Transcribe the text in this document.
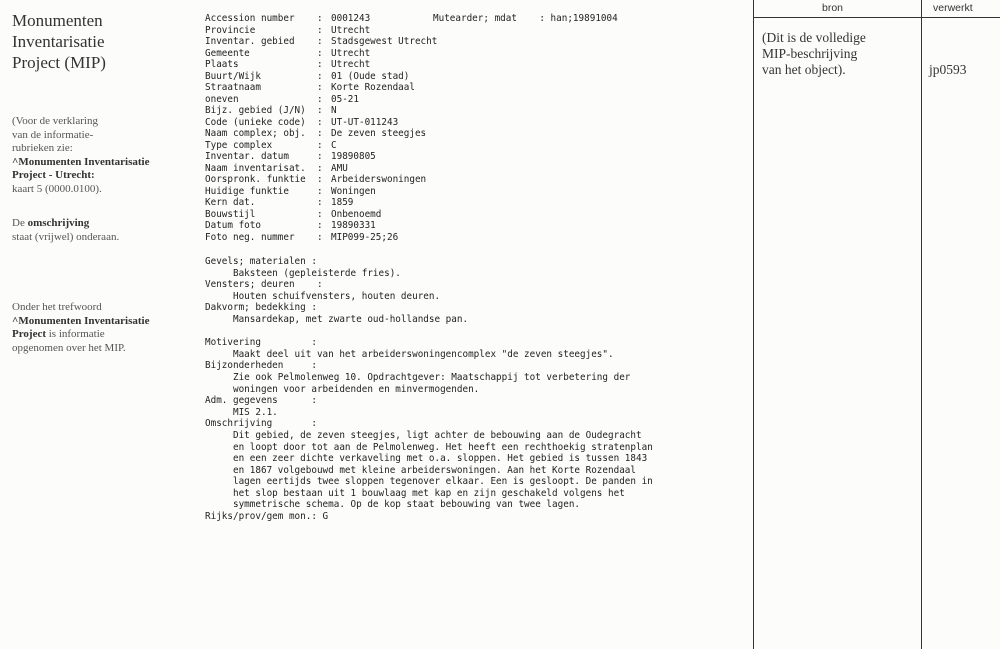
Monumenten
Inventarisatie
Project (MIP)
(Voor de verklaring
van de informatie-
rubrieken zie:
^Monumenten Inventarisatie
Project - Utrecht:
kaart 5 (0000.0100).
De omschrijving
staat (vrijwel) onderaan.
Onder het trefwoord
^Monumenten Inventarisatie
Project is informatie
opgenomen over het MIP.
Mutearder; mdat    : han;19891004
Accession number	: 0001243
Provincie	: Utrecht
Inventar. gebied	: Stadsgewest Utrecht
Gemeente	: Utrecht
Plaats	: Utrecht
Buurt/Wijk	: 01 (Oude stad)
Straatnaam	: Korte Rozendaal
oneven	: 05-21
Bijz. gebied (J/N)	: N
Code (unieke code)	: UT-UT-011243
Naam complex; obj.	: De zeven steegjes
Type complex	: C
Inventar. datum	: 19890805
Naam inventarisat.	: AMU
Oorspronk. funktie	: Arbeiderswoningen
Huidige funktie	: Woningen
Kern dat.	: 1859
Bouwstijl	: Onbenoemd
Datum foto	: 19890331
Foto neg. nummer	: MIP099-25;26
Gevels; materialen :
Baksteen (gepleisterde fries).
Vensters; deuren    :
Houten schuifvensters, houten deuren.
Dakvorm; bedekking :
Mansardekap, met zwarte oud-hollandse pan.
Motivering         :
Maakt deel uit van het arbeiderswoningencomplex "de zeven steegjes".
Bijzonderheden     :
Zie ook Pelmolenweg 10. Opdrachtgever: Maatschappij tot verbetering der
woningen voor arbeidenden en minvermogenden.
Adm. gegevens      :
MIS 2.1.
Omschrijving       :
Dit gebied, de zeven steegjes, ligt achter de bebouwing aan de Oudegracht
en loopt door tot aan de Pelmolenweg. Het heeft een rechthoekig stratenplan
en een zeer dichte verkaveling met o.a. sloppen. Het gebied is tussen 1843
en 1867 volgebouwd met kleine arbeiderswoningen. Aan het Korte Rozendaal
lagen eertijds twee sloppen tegenover elkaar. Een is gesloopt. De panden in
het slop bestaan uit 1 bouwlaag met kap en zijn geschakeld volgens het
symmetrische schema. Op de kop staat bebouwing van twee lagen.
Rijks/prov/gem mon.: G
bron	verwerkt
(Dit is de volledige
MIP-beschrijving
van het object).	jp0593
